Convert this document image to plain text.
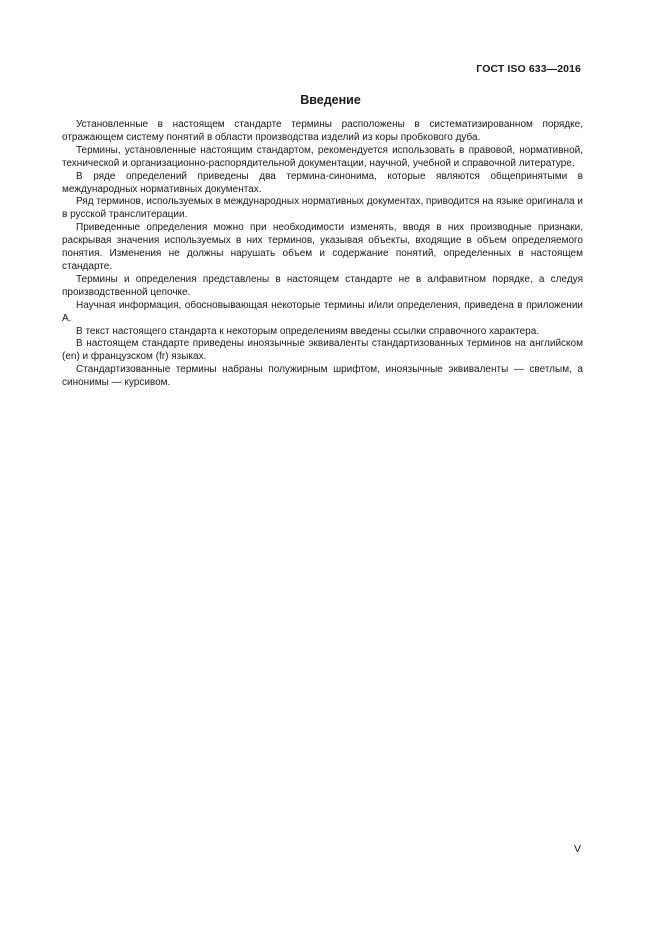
ГОСТ ISO 633—2016
Введение

Установленные в настоящем стандарте термины расположены в систематизированном порядке, отражающем систему понятий в области производства изделий из коры пробкового дуба.

Термины, установленные настоящим стандартом, рекомендуется использовать в правовой, нормативной, технической и организационно-распорядительной документации, научной, учебной и справочной литературе.

В ряде определений приведены два термина-синонима, которые являются общепринятыми в международных нормативных документах.

Ряд терминов, используемых в международных нормативных документах, приводится на языке оригинала и в русской транслитерации.

Приведенные определения можно при необходимости изменять, вводя в них производные признаки, раскрывая значения используемых в них терминов, указывая объекты, входящие в объем определяемого понятия. Изменения не должны нарушать объем и содержание понятий, определенных в настоящем стандарте.

Термины и определения представлены в настоящем стандарте не в алфавитном порядке, а следуя производственной цепочке.

Научная информация, обосновывающая некоторые термины и/или определения, приведена в приложении А.

В текст настоящего стандарта к некоторым определениям введены ссылки справочного характера.

В настоящем стандарте приведены иноязычные эквиваленты стандартизованных терминов на английском (en) и французском (fr) языках.

Стандартизованные термины набраны полужирным шрифтом, иноязычные эквиваленты — светлым, а синонимы — курсивом.

V
